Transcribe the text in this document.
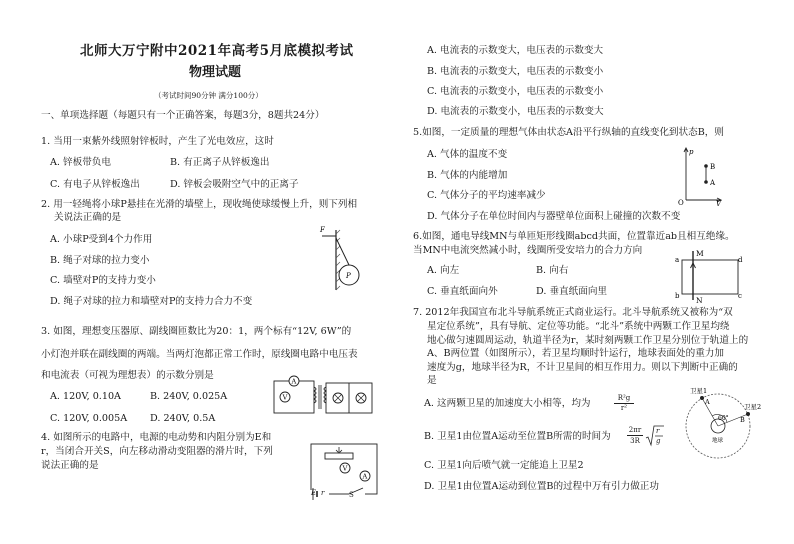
北师大万宁附中2021年高考5月底模拟考试
物理试题
（考试时间90分钟 满分100分）
一、单项选择题（每题只有一个正确答案，每题3分，8题共24分）
1. 当用一束紫外线照射锌板时，产生了光电效应，这时
A. 锌板带负电	B. 有正离子从锌板逸出
C. 有电子从锌板逸出	D. 锌板会吸附空气中的正离子
2. 用一轻绳将小球P悬挂在光滑的墙壁上，现收绳使球缓慢上升，则下列相
关说法正确的是
A. 小球P受到4个力作用
B. 绳子对球的拉力变小
C. 墙壁对P的支持力变小
D. 绳子对球的拉力和墙壁对P的支持力合力不变
F
P
3. 如图，理想变压器原、副线圈匝数比为20：1，两个标有“12V, 6W”的
小灯泡并联在副线圈的两端。当两灯泡都正常工作时，原线圈电路中电压表
和电流表（可视为理想表）的示数分别是
A. 120V, 0.10A	B. 240V, 0.025A
C. 120V, 0.005A D. 240V, 0.5A
A
V
4. 如图所示的电路中，电源的电动势和内阻分别为E和
r，当闭合开关S，向左移动滑动变阻器的滑片时，下列
说法正确的是	V
A
E r	S
A. 电流表的示数变大，电压表的示数变大
B. 电流表的示数变大，电压表的示数变小
C. 电流表的示数变小，电压表的示数变小
D. 电流表的示数变小，电压表的示数变大
5.如图，一定质量的理想气体由状态A沿平行纵轴的直线变化到状态B，则
A. 气体的温度不变
B. 气体的内能增加
C. 气体分子的平均速率减少
D. 气体分子在单位时间内与器壁单位面积上碰撞的次数不变
p
B
A
O	V
6.如图，通电导线MN与单匝矩形线圈abcd共面，位置靠近ab且相互绝缘。
当MN中电流突然减小时，线圈所受安培力的合力方向
A. 向左	B. 向右
C. 垂直纸面向外	D. 垂直纸面向里
M
N
a
b	c
d
7. 2012年我国宣布北斗导航系统正式商业运行。北斗导航系统又被称为“双
星定位系统”，具有导航、定位等功能。“北斗”系统中两颗工作卫星均绕
地心做匀速圆周运动，轨道半径为r，某时刻两颗工作卫星分别位于轨道上的
A、B两位置（如图所示），若卫星均顺时针运行，地球表面处的重力加
速度为g，地球半径为R，不计卫星间的相互作用力。则以下判断中正确的
是
A. 这两颗卫星的加速度大小相等，均为	R²g
r²
B. 卫星1由位置A运动至位置B所需的时间为
2πr
3R
r
g
C. 卫星1向后喷气就一定能追上卫星2
D. 卫星1由位置A运动到位置B的过程中万有引力做正功
卫星1
卫星2
60°
地球
A
B
